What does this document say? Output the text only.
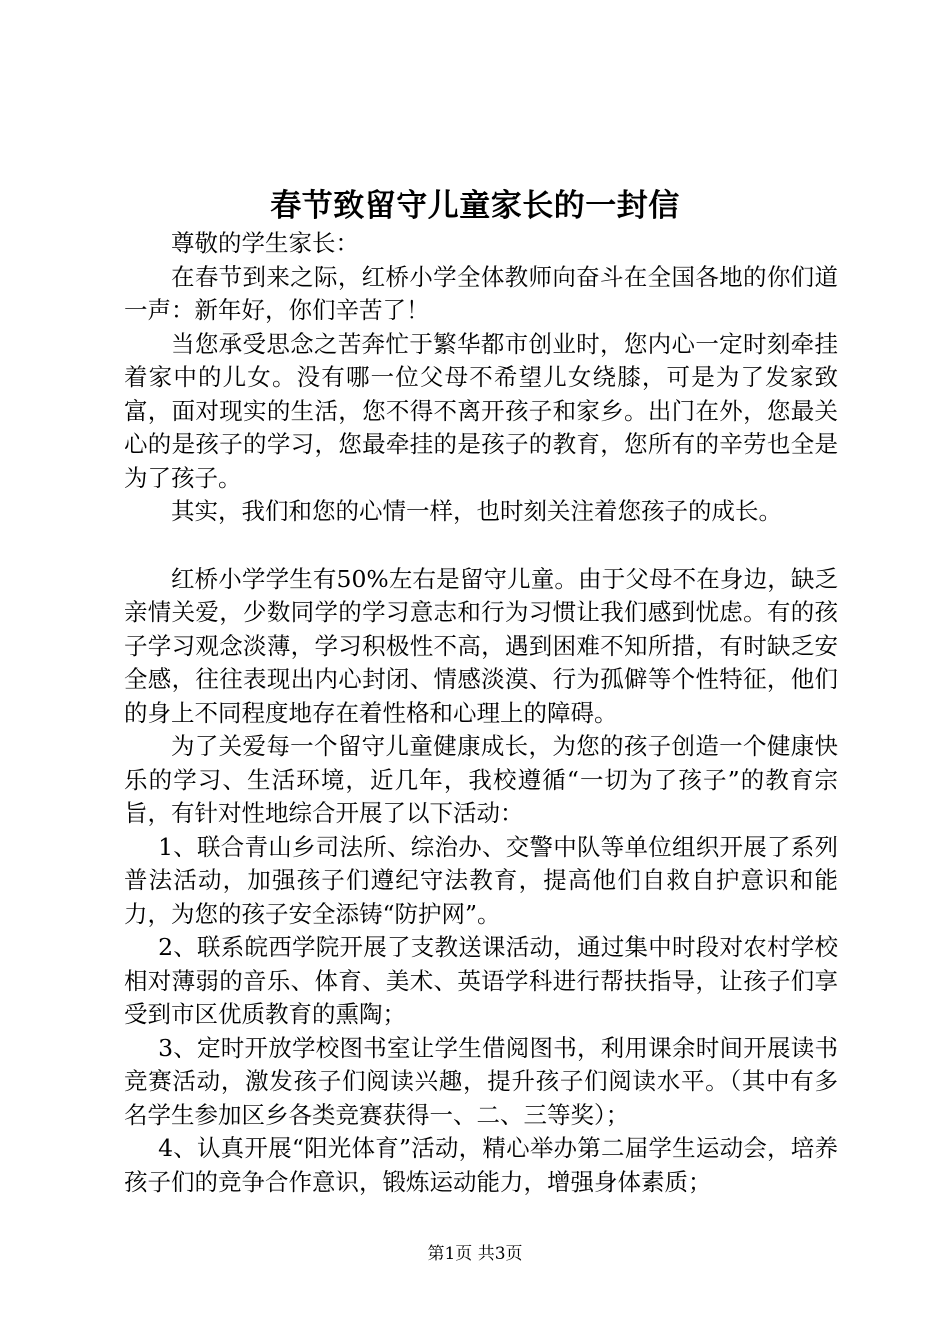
春节致留守儿童家长的一封信

尊敬的学生家长：

在春节到来之际，红桥小学全体教师向奋斗在全国各地的你们道一声：新年好，你们辛苦了！

当您承受思念之苦奔忙于繁华都市创业时，您内心一定时刻牵挂着家中的儿女。没有哪一位父母不希望儿女绕膝，可是为了发家致富，面对现实的生活，您不得不离开孩子和家乡。出门在外，您最关心的是孩子的学习，您最牵挂的是孩子的教育，您所有的辛劳也全是为了孩子。

其实，我们和您的心情一样，也时刻关注着您孩子的成长。

红桥小学学生有50%左右是留守儿童。由于父母不在身边，缺乏亲情关爱，少数同学的学习意志和行为习惯让我们感到忧虑。有的孩子学习观念淡薄，学习积极性不高，遇到困难不知所措，有时缺乏安全感，往往表现出内心封闭、情感淡漠、行为孤僻等个性特征，他们的身上不同程度地存在着性格和心理上的障碍。

为了关爱每一个留守儿童健康成长，为您的孩子创造一个健康快乐的学习、生活环境，近几年，我校遵循“一切为了孩子”的教育宗旨，有针对性地综合开展了以下活动：

1、联合青山乡司法所、综治办、交警中队等单位组织开展了系列普法活动，加强孩子们遵纪守法教育，提高他们自救自护意识和能力，为您的孩子安全添铸“防护网”。

2、联系皖西学院开展了支教送课活动，通过集中时段对农村学校相对薄弱的音乐、体育、美术、英语学科进行帮扶指导，让孩子们享受到市区优质教育的熏陶；

3、定时开放学校图书室让学生借阅图书，利用课余时间开展读书竞赛活动，激发孩子们阅读兴趣，提升孩子们阅读水平。（其中有多名学生参加区乡各类竞赛获得一、二、三等奖）；

4、认真开展“阳光体育”活动，精心举办第二届学生运动会，培养孩子们的竞争合作意识，锻炼运动能力，增强身体素质；

第1页 共3页
